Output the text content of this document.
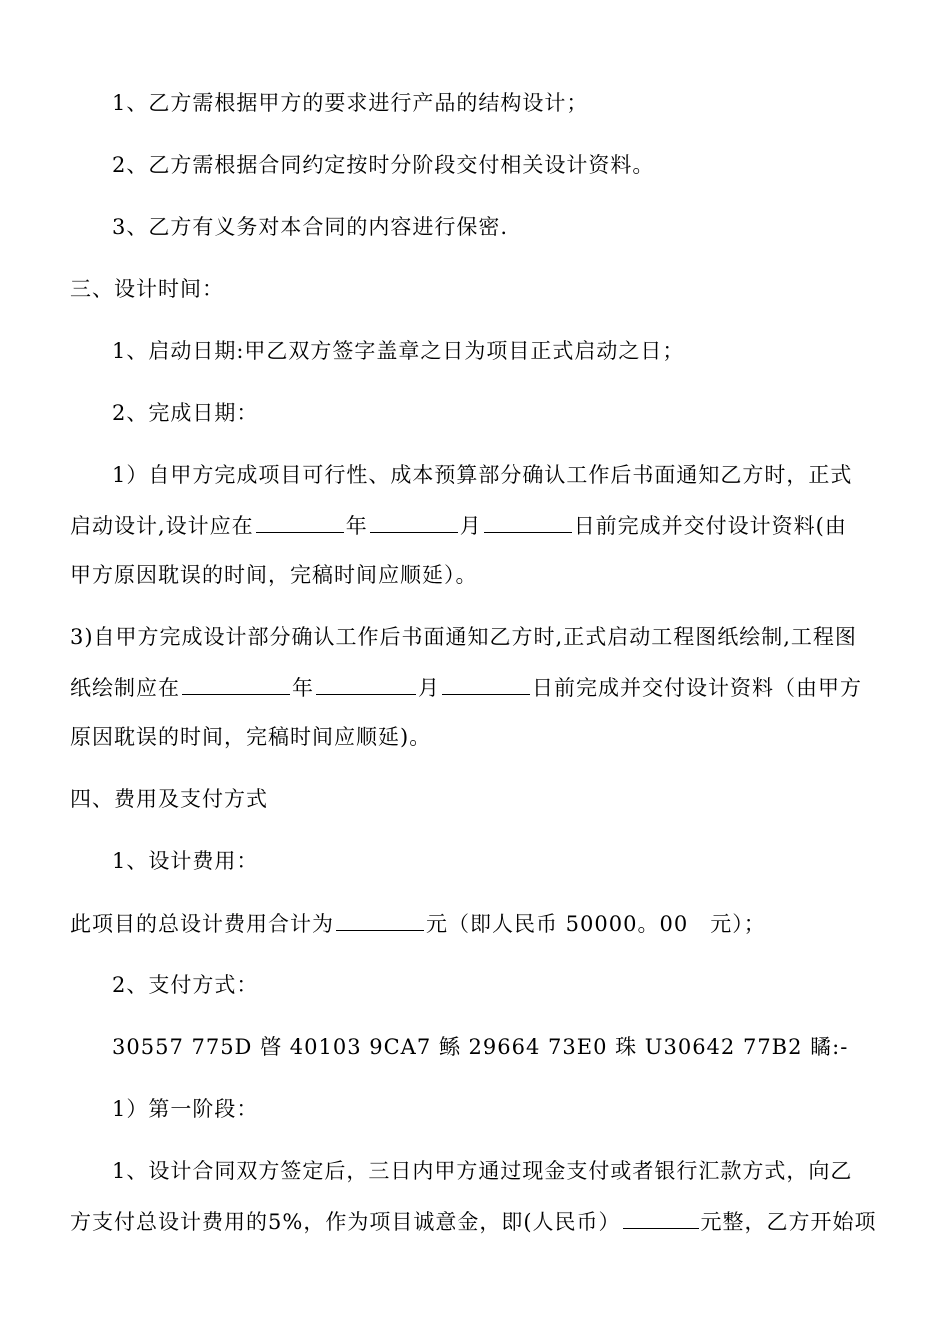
1、乙方需根据甲方的要求进行产品的结构设计；
2、乙方需根据合同约定按时分阶段交付相关设计资料。
3、乙方有义务对本合同的内容进行保密.
三、设计时间：
1、启动日期:甲乙双方签字盖章之日为项目正式启动之日；
2、完成日期：
1）自甲方完成项目可行性、成本预算部分确认工作后书面通知乙方时，正式
启动设计,设计应在	年	月	日前完成并交付设计资料(由
甲方原因耽误的时间，完稿时间应顺延）。
3)自甲方完成设计部分确认工作后书面通知乙方时,正式启动工程图纸绘制,工程图
纸绘制应在	年	月	日前完成并交付设计资料（由甲方
原因耽误的时间，完稿时间应顺延)。
四、费用及支付方式
1、设计费用：
此项目的总设计费用合计为	元（即人民币 50000。00　元）；
2、支付方式：
30557 775D 晵 40103 9CA7 鲧 29664 73E0 珠 U30642 77B2 瞲:-
1）第一阶段：
1、设计合同双方签定后，三日内甲方通过现金支付或者银行汇款方式，向乙
方支付总设计费用的5%，作为项目诚意金，即(人民币）	元整，乙方开始项
